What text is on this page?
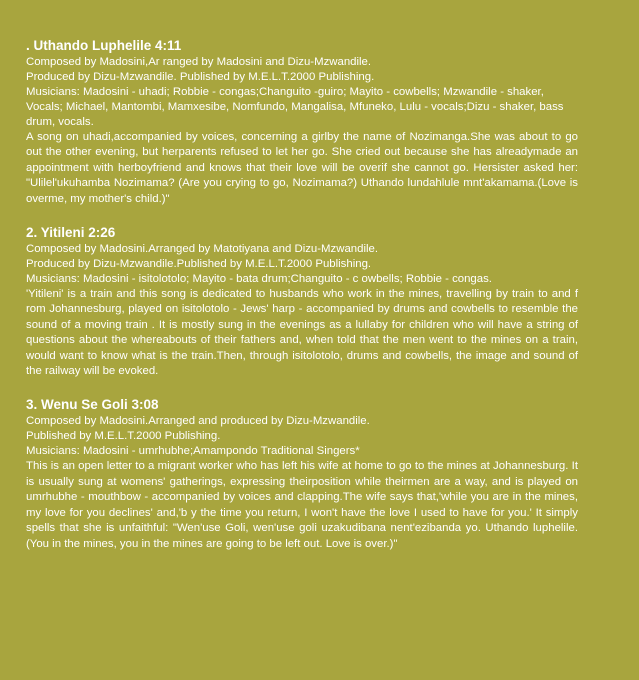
. Uthando Luphelile 4:11
Composed by Madosini,Ar ranged by Madosini and Dizu-Mzwandile.
Produced by Dizu-Mzwandile. Published by M.E.L.T.2000 Publishing.
Musicians: Madosini - uhadi; Robbie - congas;Changuito -guiro; Mayito - cowbells; Mzwandile - shaker, Vocals; Michael, Mantombi, Mamxesibe, Nomfundo, Mangalisa, Mfuneko, Lulu - vocals;Dizu - shaker, bass drum, vocals.

A song on uhadi,accompanied by voices, concerning a girlby the name of Nozimanga.She was about to go out the other evening, but herparents refused to let her go. She cried out because she has alreadymade an appointment with herboyfriend and knows that their love will be overif she cannot go. Hersister asked her: "Ulilel'ukuhamba Nozimama? (Are you crying to go, Nozimama?) Uthando lundahlule mnt'akamama.(Love is overme, my mother's child.)"

2. Yitileni 2:26
Composed by Madosini.Arranged by Matotiyana and Dizu-Mzwandile.
Produced by Dizu-Mzwandile.Published by M.E.L.T.2000 Publishing.
Musicians: Madosini - isitolotolo; Mayito - bata drum;Changuito - c owbells; Robbie - congas.

'Yitileni' is a train and this song is dedicated to husbands who work in the mines, travelling by train to and f rom Johannesburg, played on isitolotolo - Jews' harp - accompanied by drums and cowbells to resemble the sound of a moving train . It is mostly sung in the evenings as a lullaby for children who will have a string of questions about the whereabouts of their fathers and, when told that the men went to the mines on a train, would want to know what is the train.Then, through isitolotolo, drums and cowbells, the image and sound of the railway will be evoked.

3. Wenu Se Goli 3:08
Composed by Madosini.Arranged and produced by Dizu-Mzwandile.
Published by M.E.L.T.2000 Publishing.
Musicians: Madosini - umrhubhe;Amampondo Traditional Singers*

This is an open letter to a migrant worker who has left his wife at home to go to the mines at Johannesburg. It is usually sung at womens' gatherings, expressing theirposition while theirmen are a way, and is played on umrhubhe - mouthbow - accompanied by voices and clapping.The wife says that,'while you are in the mines, my love for you declines' and,'b y the time you return, I won't have the love I used to have for you.' It simply spells that she is unfaithful: "Wen'use Goli, wen'use goli uzakudibana nent'ezibanda yo. Uthando luphelile. (You in the mines, you in the mines are going to be left out. Love is over.)"
